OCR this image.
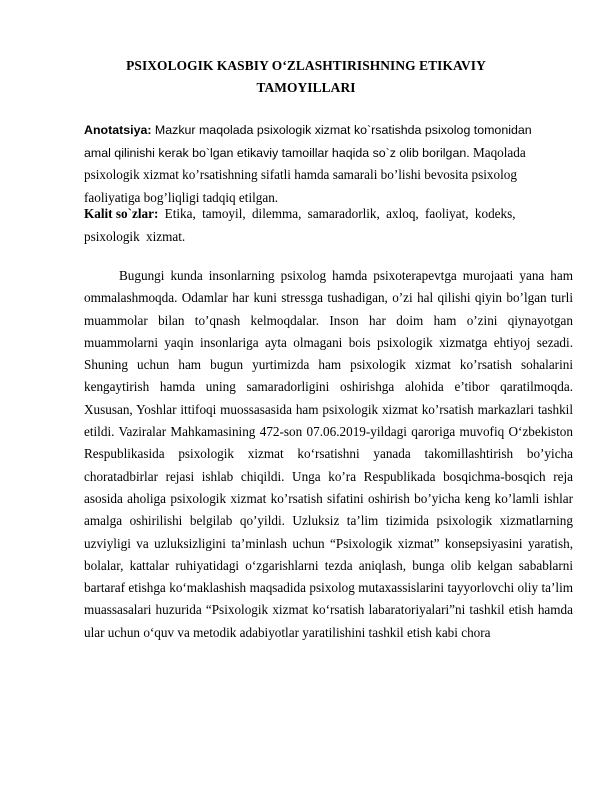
PSIXOLOGIK KASBIY O‘ZLASHTIRISHNING ETIKAVIY
TAMOYILLARI
Anotatsiya: Mazkur maqolada psixologik xizmat ko`rsatishda psixolog tomonidan amal qilinishi kerak bo`lgan etikaviy tamoillar haqida so`z olib borilgan. Maqolada psixologik xizmat ko’rsatishning sifatli hamda samarali bo’lishi bevosita psixolog faoliyatiga bog’liqligi tadqiq etilgan.
Kalit so`zlar: Etika, tamoyil, dilemma, samaradorlik, axloq, faoliyat, kodeks, psixologik xizmat.
Bugungi kunda insonlarning psixolog hamda psixoterapevtga murojaati yana ham ommalashmoqda. Odamlar har kuni stressga tushadigan, o’zi hal qilishi qiyin bo’lgan turli muammolar bilan to’qnash kelmoqdalar. Inson har doim ham o’zini qiynayotgan muammolarni yaqin insonlariga ayta olmagani bois psixologik xizmatga ehtiyoj sezadi. Shuning uchun ham bugun yurtimizda ham psixologik xizmat ko’rsatish sohalarini kengaytirish hamda uning samaradorligini oshirishga alohida e’tibor qaratilmoqda. Xususan, Yoshlar ittifoqi muossasasida ham psixologik xizmat ko’rsatish markazlari tashkil etildi. Vaziralar Mahkamasining 472-son 07.06.2019-yildagi qaroriga muvofiq O‘zbekiston Respublikasida psixologik xizmat ko‘rsatishni yanada takomillashtirish bo’yicha choratadbirlar rejasi ishlab chiqildi. Unga ko’ra Respublikada bosqichma-bosqich reja asosida aholiga psixologik xizmat ko’rsatish sifatini oshirish bo’yicha keng ko’lamli ishlar amalga oshirilishi belgilab qo’yildi. Uzluksiz ta’lim tizimida psixologik xizmatlarning uzviyligi va uzluksizligini ta’minlash uchun “Psixologik xizmat” konsepsiyasini yaratish, bolalar, kattalar ruhiyatidagi o‘zgarishlarni tezda aniqlash, bunga olib kelgan sabablarni bartaraf etishga ko‘maklashish maqsadida psixolog mutaxassislarini tayyorlovchi oliy ta’lim muassasalari huzurida “Psixologik xizmat ko‘rsatish labaratoriyalari”ni tashkil etish hamda ular uchun o‘quv va metodik adabiyotlar yaratilishini tashkil etish kabi chora
